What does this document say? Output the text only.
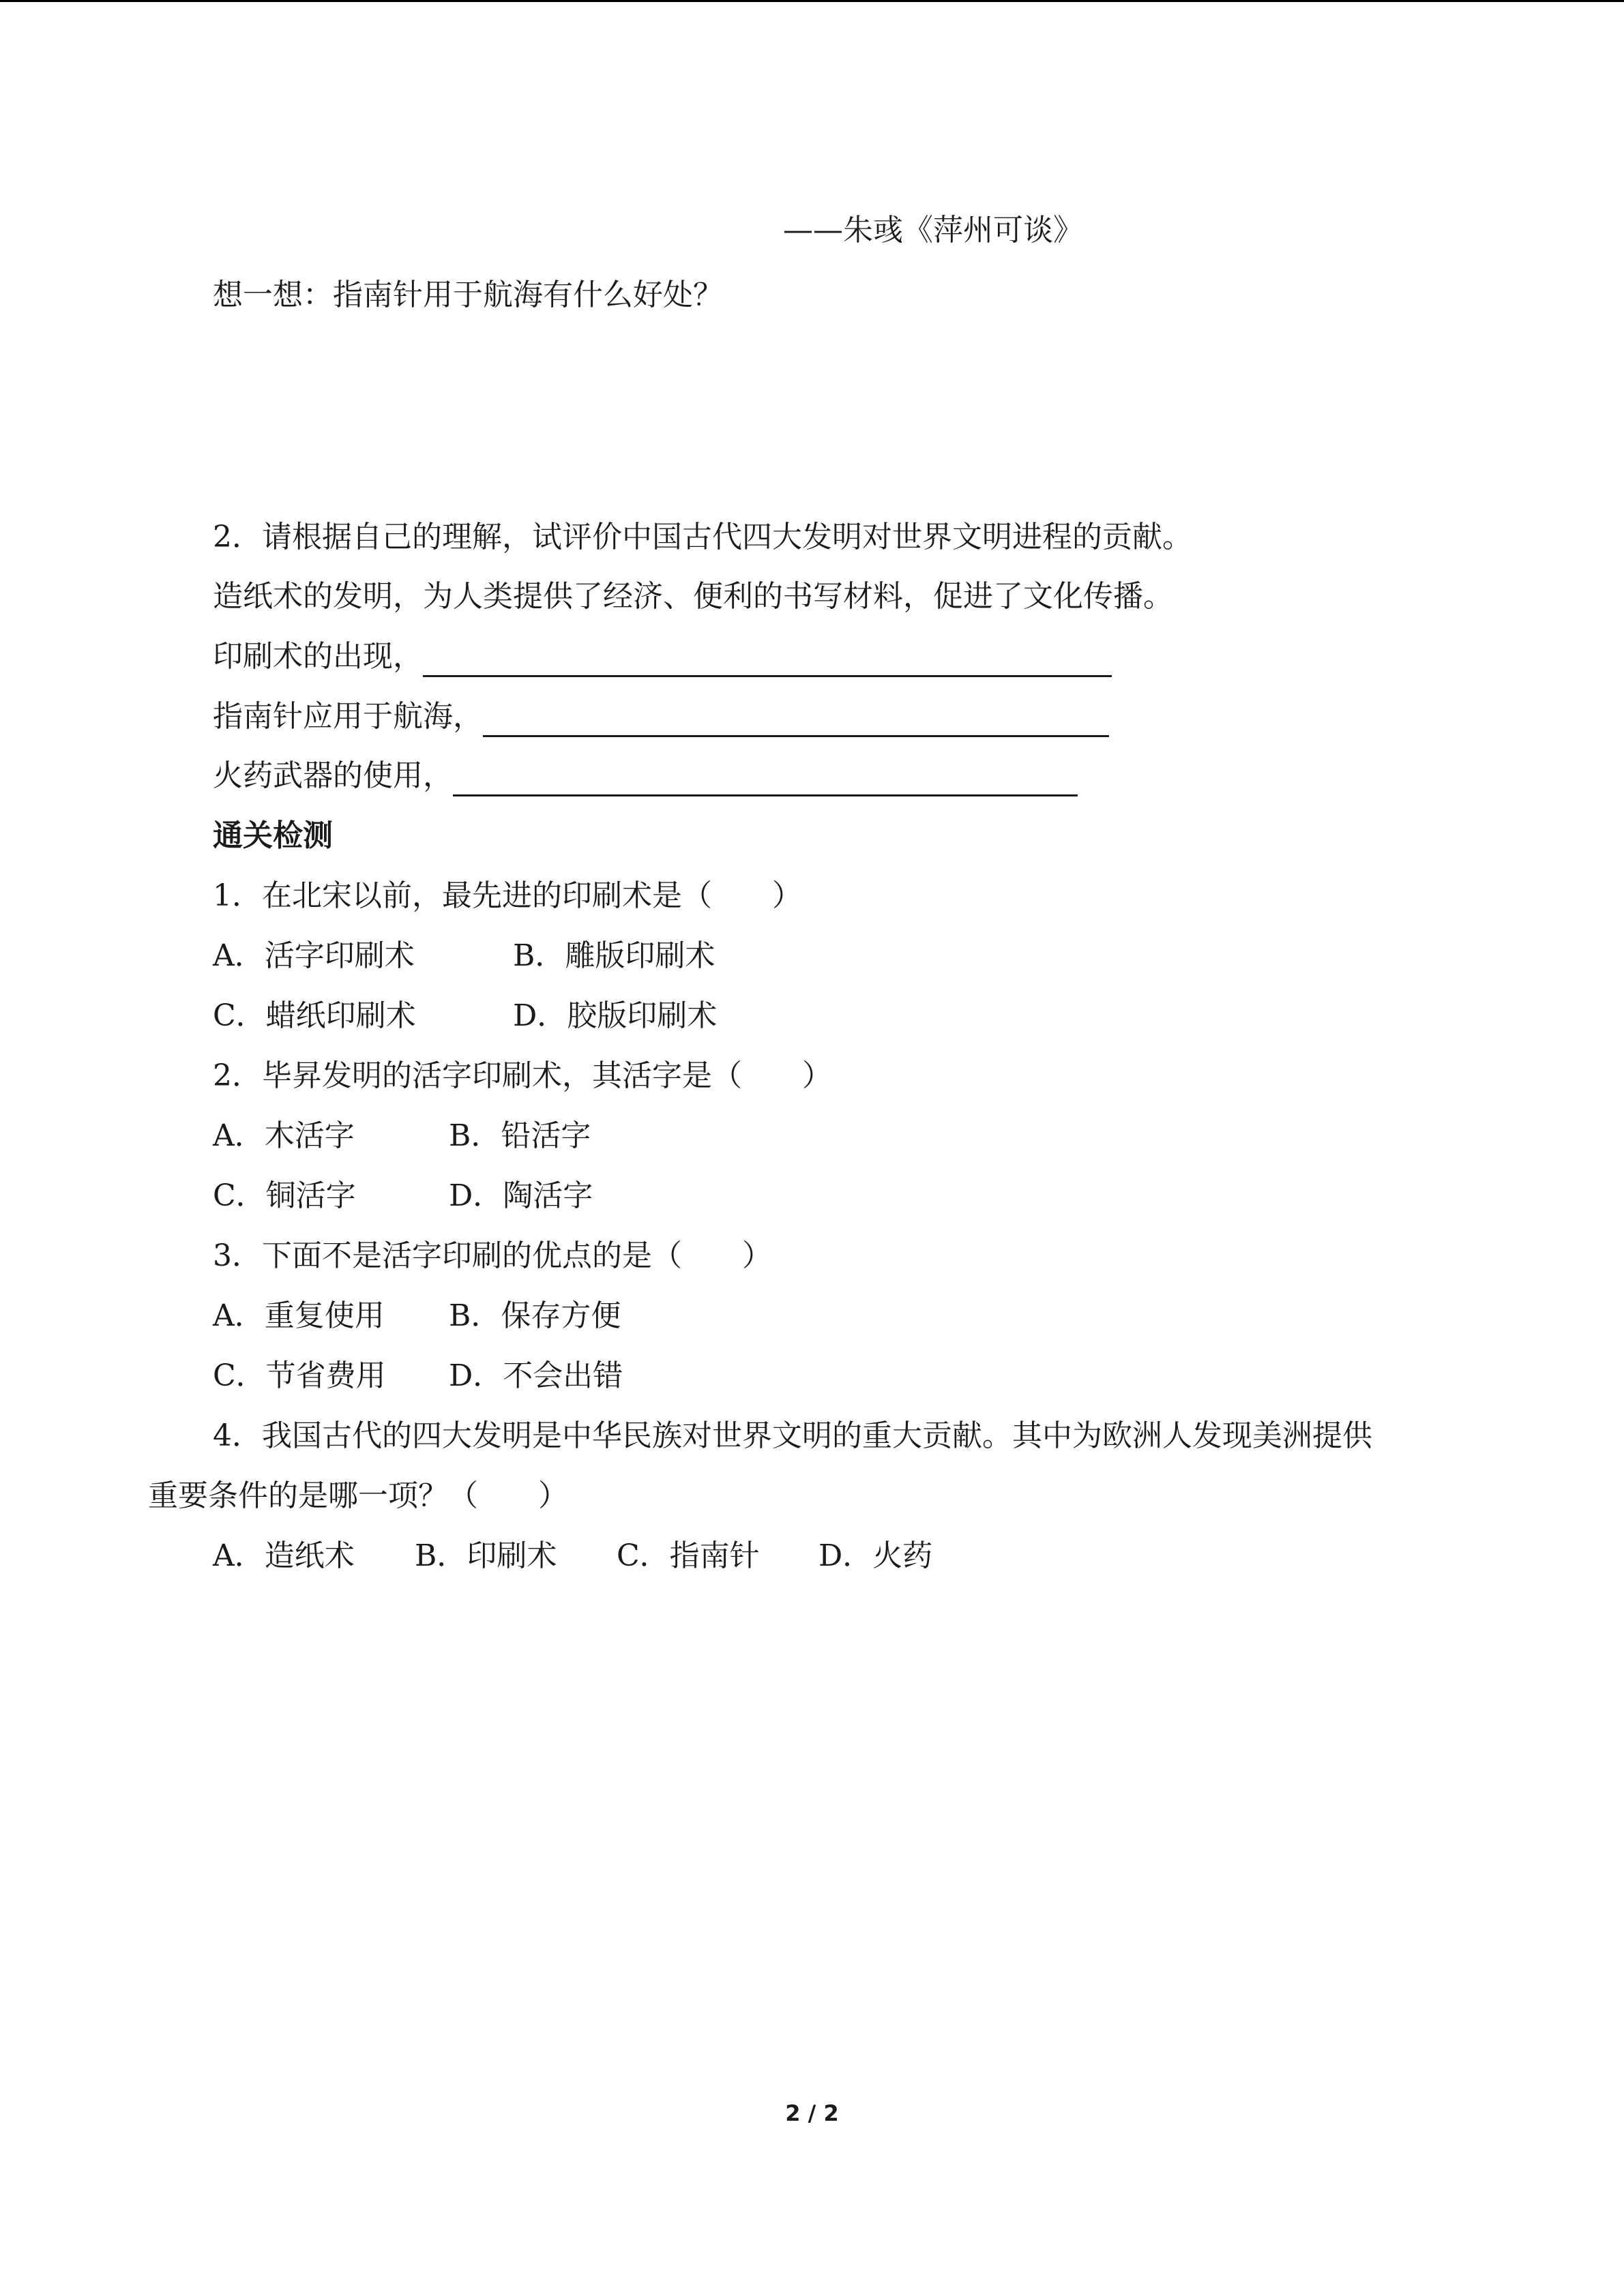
——朱彧《萍州可谈》
想一想：指南针用于航海有什么好处？
2．请根据自己的理解，试评价中国古代四大发明对世界文明进程的贡献。
造纸术的发明，为人类提供了经济、便利的书写材料，促进了文化传播。
印刷术的出现，
指南针应用于航海，
火药武器的使用，
通关检测
1．在北宋以前，最先进的印刷术是（　　）
A．活字印刷术	B．雕版印刷术
C．蜡纸印刷术	D．胶版印刷术
2．毕昇发明的活字印刷术，其活字是（　　）
A．木活字	B．铅活字
C．铜活字	D．陶活字
3．下面不是活字印刷的优点的是（　　）
A．重复使用 B．保存方便
C．节省费用 D．不会出错
4．我国古代的四大发明是中华民族对世界文明的重大贡献。其中为欧洲人发现美洲提供
重要条件的是哪一项？（　　）
A．造纸术 B．印刷术 C．指南针 D．火药
2 / 2
